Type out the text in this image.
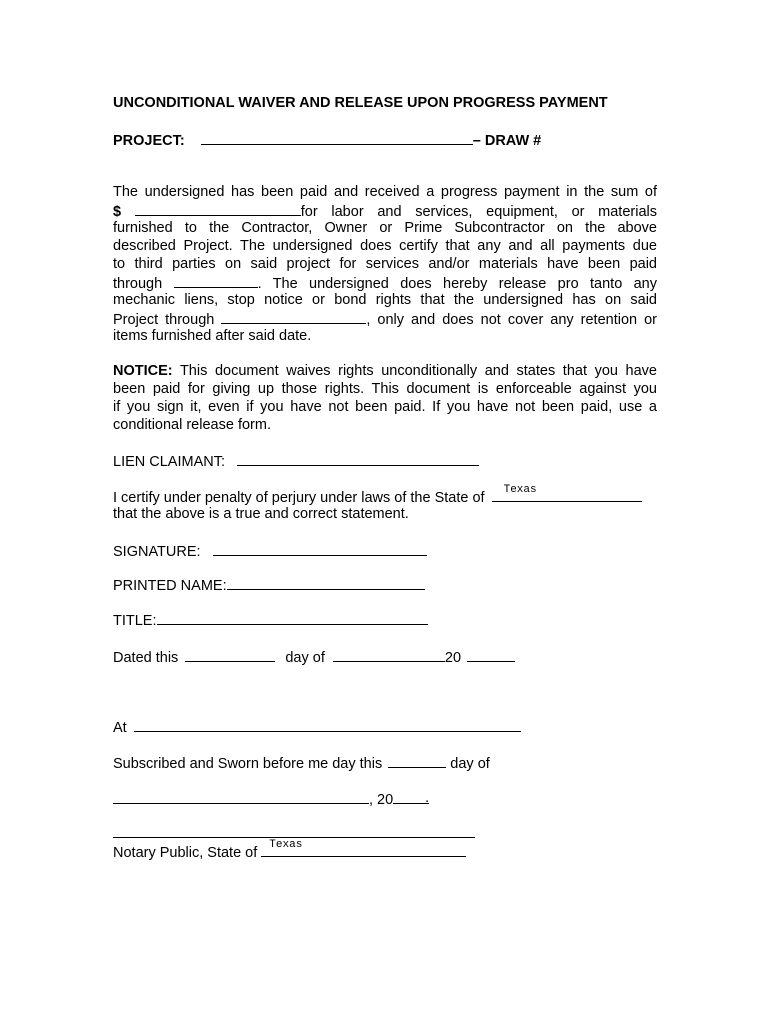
UNCONDITIONAL WAIVER AND RELEASE UPON PROGRESS PAYMENT
PROJECT:	– DRAW #
The undersigned has been paid and received a progress payment in the sum of
$	for labor and services, equipment, or materials
furnished to the Contractor, Owner or Prime Subcontractor on the above
described Project. The undersigned does certify that any and all payments due
to third parties on said project for services and/or materials have been paid
through	. The undersigned does hereby release pro tanto any
mechanic liens, stop notice or bond rights that the undersigned has on said
Project through	, only and does not cover any retention or
items furnished after said date.
NOTICE: This document waives rights unconditionally and states that you have
been paid for giving up those rights. This document is enforceable against you
if you sign it, even if you have not been paid. If you have not been paid, use a
conditional release form.
LIEN CLAIMANT:
I certify under penalty of perjury under laws of the State of Texas
that the above is a true and correct statement.
SIGNATURE:
PRINTED NAME:
TITLE:
Dated this	day of	20
At
Subscribed and Sworn before me day this	day of
, 20 .
Notary Public, State of Texas
